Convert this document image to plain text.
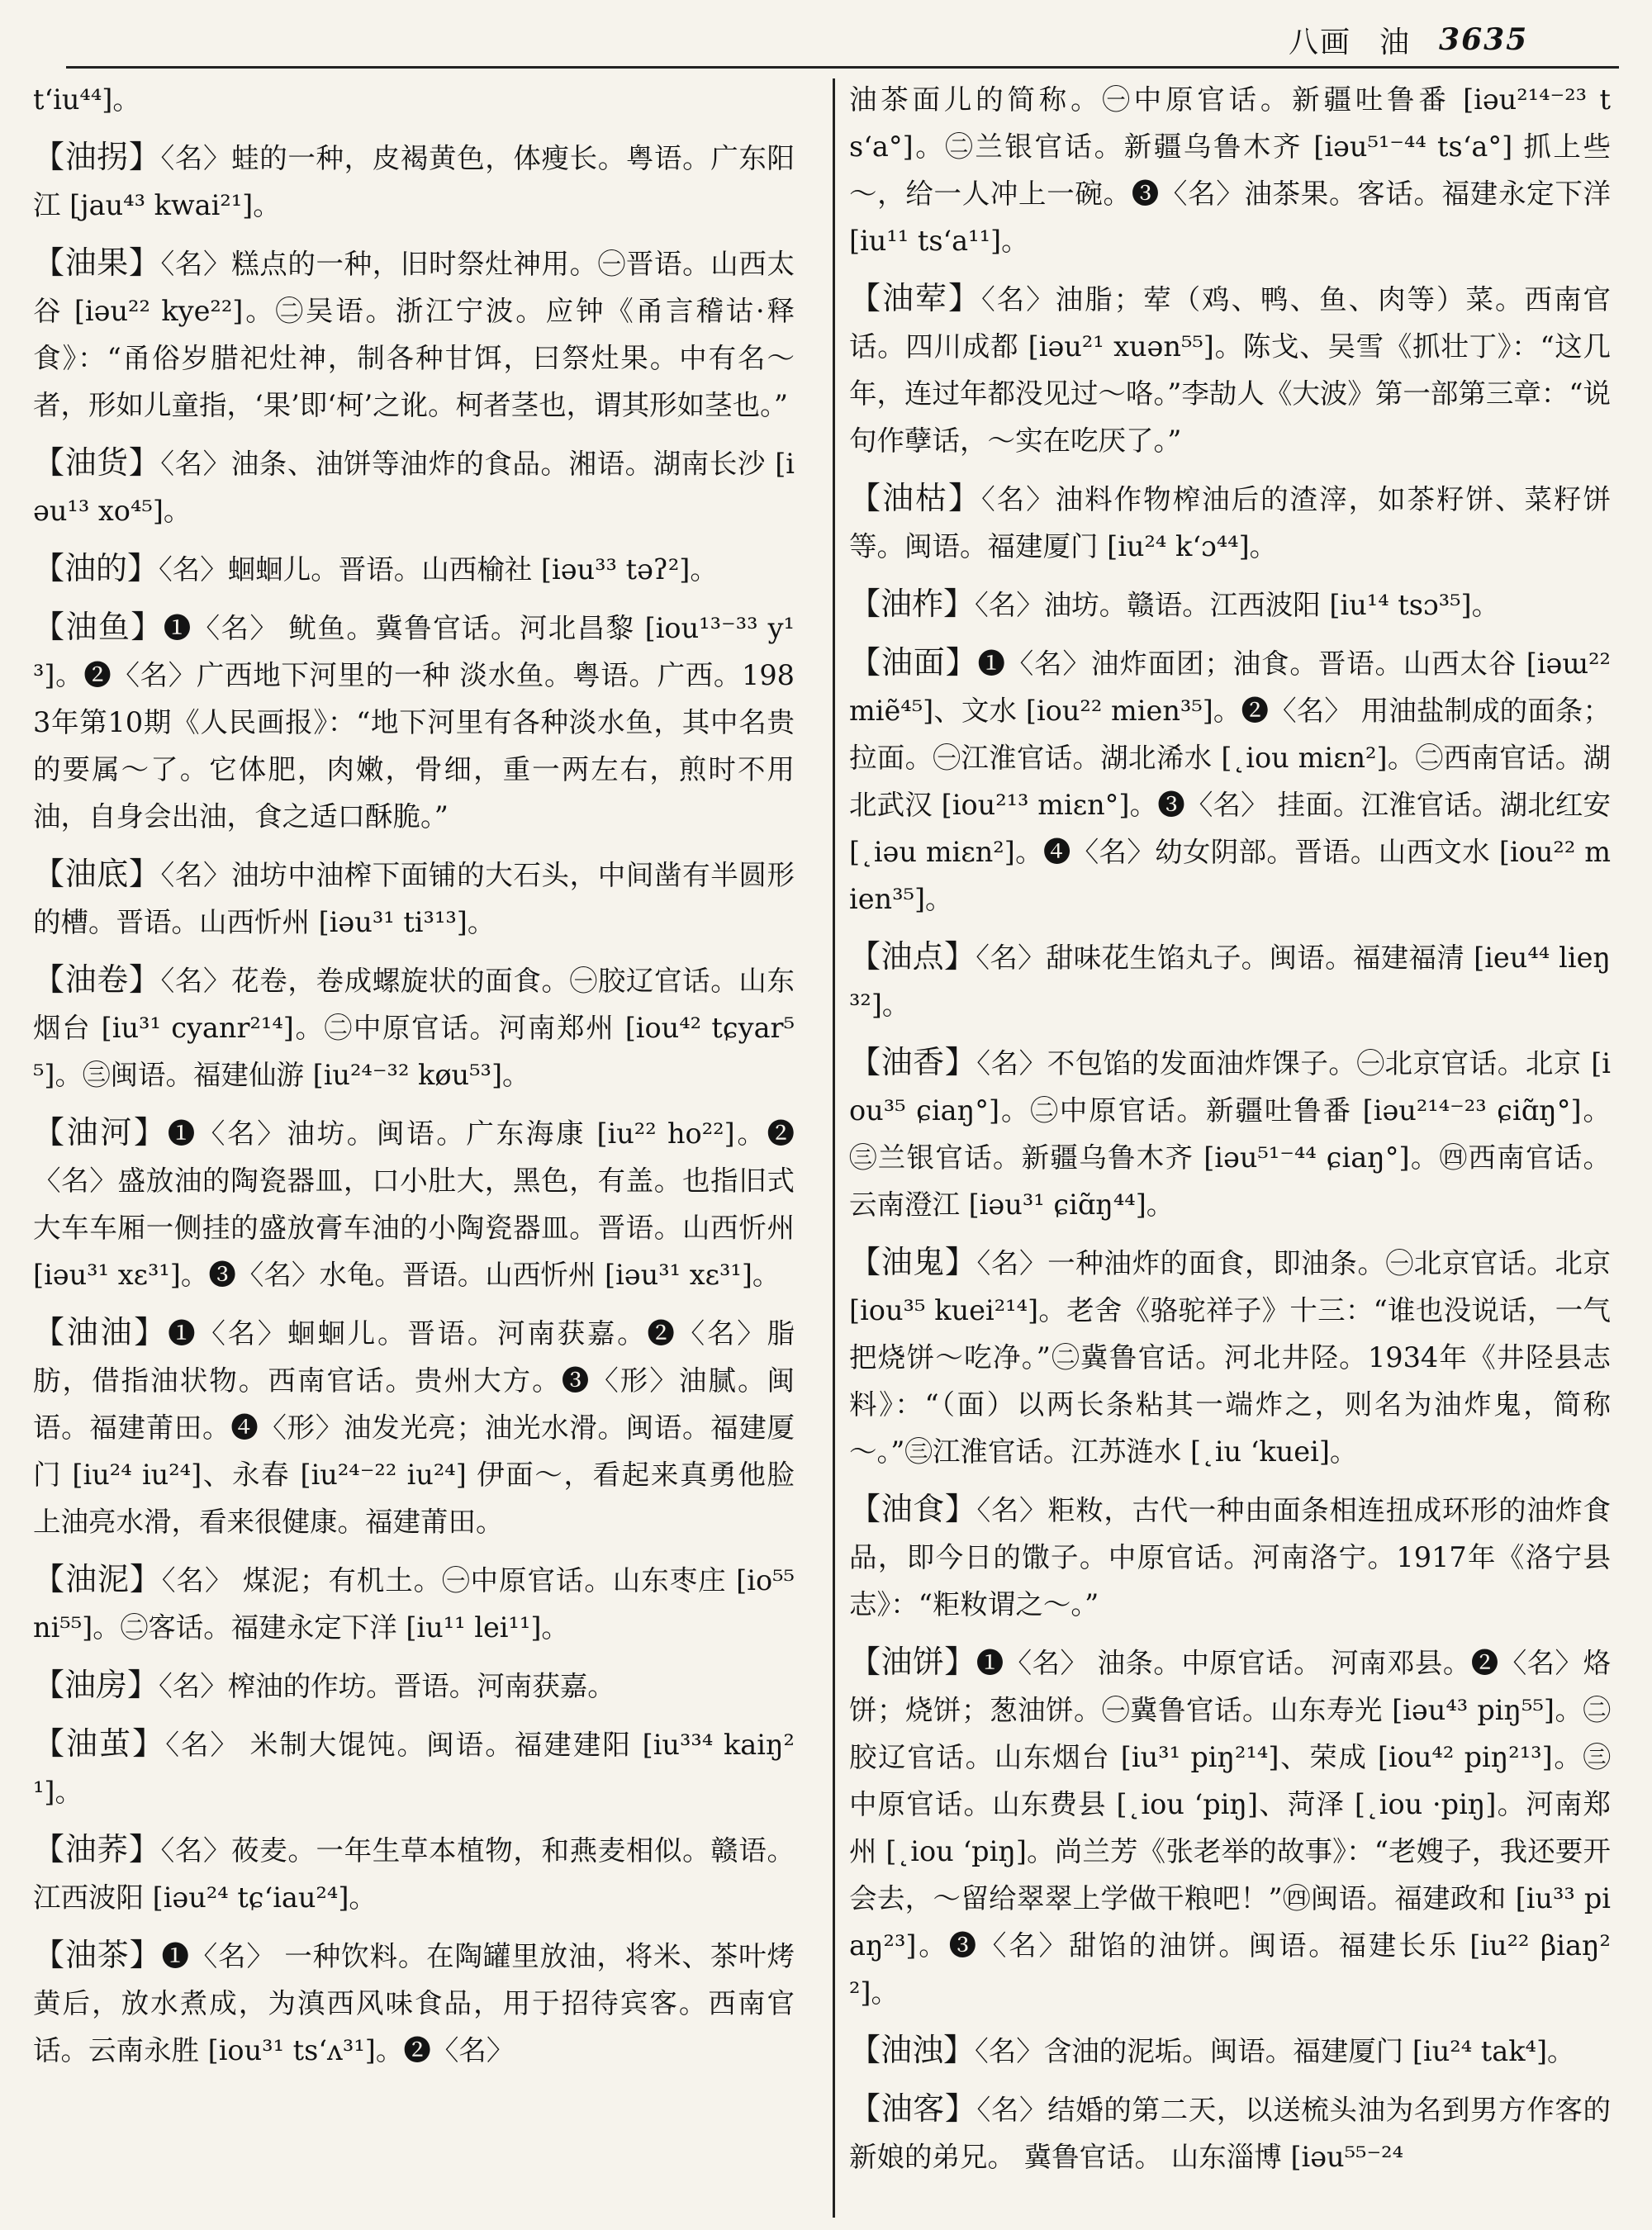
八画 油 3635

t‘iu⁴⁴]。

【油拐】〈名〉蛙的一种，皮褐黄色，体瘦长。粤语。广东阳江 [jau⁴³ kwai²¹]。

【油果】〈名〉糕点的一种，旧时祭灶神用。㊀晋语。山西太谷 [iəu²² kye²²]。㊁吴语。浙江宁波。应钟《甬言稽诂·释食》：“甬俗岁腊祀灶神，制各种甘饵，曰祭灶果。中有名～者，形如儿童指，‘果’即‘柯’之讹。柯者茎也，谓其形如茎也。”

【油货】〈名〉油条、油饼等油炸的食品。湘语。湖南长沙 [iəu¹³ xo⁴⁵]。

【油的】〈名〉蛔蛔儿。晋语。山西榆社 [iəu³³ təʔ²]。

【油鱼】❶〈名〉 鱿鱼。冀鲁官话。河北昌黎 [iou¹³⁻³³ y¹³]。❷〈名〉广西地下河里的一种 淡水鱼。粤语。广西。1983年第10期《人民画报》：“地下河里有各种淡水鱼，其中名贵的要属～了。它体肥，肉嫩，骨细，重一两左右，煎时不用油，自身会出油，食之适口酥脆。”

【油底】〈名〉油坊中油榨下面铺的大石头，中间凿有半圆形的槽。晋语。山西忻州 [iəu³¹ ti³¹³]。

【油卷】〈名〉花卷，卷成螺旋状的面食。㊀胶辽官话。山东烟台 [iu³¹ cyanr²¹⁴]。㊁中原官话。河南郑州 [iou⁴² tɕyar⁵⁵]。㊂闽语。福建仙游 [iu²⁴⁻³² køu⁵³]。

【油河】❶〈名〉油坊。闽语。广东海康 [iu²² ho²²]。❷〈名〉盛放油的陶瓷器皿，口小肚大，黑色，有盖。也指旧式大车车厢一侧挂的盛放膏车油的小陶瓷器皿。晋语。山西忻州 [iəu³¹ xɛ³¹]。❸〈名〉水龟。晋语。山西忻州 [iəu³¹ xɛ³¹]。

【油油】❶〈名〉蛔蛔儿。晋语。河南获嘉。❷〈名〉脂肪，借指油状物。西南官话。贵州大方。❸〈形〉油腻。闽语。福建莆田。❹〈形〉油发光亮；油光水滑。闽语。福建厦门 [iu²⁴ iu²⁴]、永春 [iu²⁴⁻²² iu²⁴] 伊面～，看起来真勇他脸上油亮水滑，看来很健康。福建莆田。

【油泥】〈名〉 煤泥；有机土。㊀中原官话。山东枣庄 [io⁵⁵ ni⁵⁵]。㊁客话。福建永定下洋 [iu¹¹ lei¹¹]。

【油房】〈名〉榨油的作坊。晋语。河南获嘉。

【油茧】〈名〉 米制大馄饨。闽语。福建建阳 [iu³³⁴ kaiŋ²¹]。

【油荞】〈名〉莜麦。一年生草本植物，和燕麦相似。赣语。江西波阳 [iəu²⁴ tɕ‘iau²⁴]。

【油茶】❶〈名〉 一种饮料。在陶罐里放油，将米、茶叶烤黄后，放水煮成，为滇西风味食品，用于招待宾客。西南官话。云南永胜 [iou³¹ ts‘ʌ³¹]。❷〈名〉

油茶面儿的简称。㊀中原官话。新疆吐鲁番 [iəu²¹⁴⁻²³ ts‘a°]。㊁兰银官话。新疆乌鲁木齐 [iəu⁵¹⁻⁴⁴ ts‘a°] 抓上些～，给一人冲上一碗。❸〈名〉油茶果。客话。福建永定下洋 [iu¹¹ ts‘a¹¹]。

【油荤】〈名〉油脂；荤（鸡、鸭、鱼、肉等）菜。西南官话。四川成都 [iəu²¹ xuən⁵⁵]。陈戈、吴雪《抓壮丁》：“这几年，连过年都没见过～咯。”李劼人《大波》第一部第三章：“说句作孽话，～实在吃厌了。”

【油枯】〈名〉油料作物榨油后的渣滓，如茶籽饼、菜籽饼等。闽语。福建厦门 [iu²⁴ k‘ɔ⁴⁴]。

【油柞】〈名〉油坊。赣语。江西波阳 [iu¹⁴ tsɔ³⁵]。

【油面】❶〈名〉油炸面团；油食。晋语。山西太谷 [iəɯ²² miẽ⁴⁵]、文水 [iou²² mien³⁵]。❷〈名〉 用油盐制成的面条；拉面。㊀江淮官话。湖北浠水 [˛iou miɛn²]。㊁西南官话。湖北武汉 [iou²¹³ miɛn°]。❸〈名〉 挂面。江淮官话。湖北红安 [˛iəu miɛn²]。❹〈名〉幼女阴部。晋语。山西文水 [iou²² mien³⁵]。

【油点】〈名〉甜味花生馅丸子。闽语。福建福清 [ieu⁴⁴ lieŋ³²]。

【油香】〈名〉不包馅的发面油炸馃子。㊀北京官话。北京 [iou³⁵ ɕiaŋ°]。㊁中原官话。新疆吐鲁番 [iəu²¹⁴⁻²³ ɕiɑ̃ŋ°]。㊂兰银官话。新疆乌鲁木齐 [iəu⁵¹⁻⁴⁴ ɕiaŋ°]。㊃西南官话。云南澄江 [iəu³¹ ɕiɑ̃ŋ⁴⁴]。

【油鬼】〈名〉一种油炸的面食，即油条。㊀北京官话。北京 [iou³⁵ kuei²¹⁴]。老舍《骆驼祥子》十三：“谁也没说话，一气把烧饼～吃净。”㊁冀鲁官话。河北井陉。1934年《井陉县志料》：“（面）以两长条粘其一端炸之，则名为油炸鬼，简称～。”㊂江淮官话。江苏涟水 [˛iu ‘kuei]。

【油食】〈名〉粔籹，古代一种由面条相连扭成环形的油炸食品，即今日的馓子。中原官话。河南洛宁。1917年《洛宁县志》：“粔籹谓之～。”

【油饼】❶〈名〉 油条。中原官话。 河南邓县。❷〈名〉烙饼；烧饼；葱油饼。㊀冀鲁官话。山东寿光 [iəu⁴³ piŋ⁵⁵]。㊁胶辽官话。山东烟台 [iu³¹ piŋ²¹⁴]、荣成 [iou⁴² piŋ²¹³]。㊂中原官话。山东费县 [˛iou ‘piŋ]、菏泽 [˛iou ·piŋ]。河南郑州 [˛iou ‘piŋ]。尚兰芳《张老举的故事》：“老嫂子，我还要开会去，～留给翠翠上学做干粮吧！”㊃闽语。福建政和 [iu³³ piaŋ²³]。❸〈名〉甜馅的油饼。闽语。福建长乐 [iu²² βiaŋ²²]。

【油浊】〈名〉含油的泥垢。闽语。福建厦门 [iu²⁴ tak⁴]。

【油客】〈名〉结婚的第二天，以送梳头油为名到男方作客的新娘的弟兄。 冀鲁官话。 山东淄博 [iəu⁵⁵⁻²⁴
